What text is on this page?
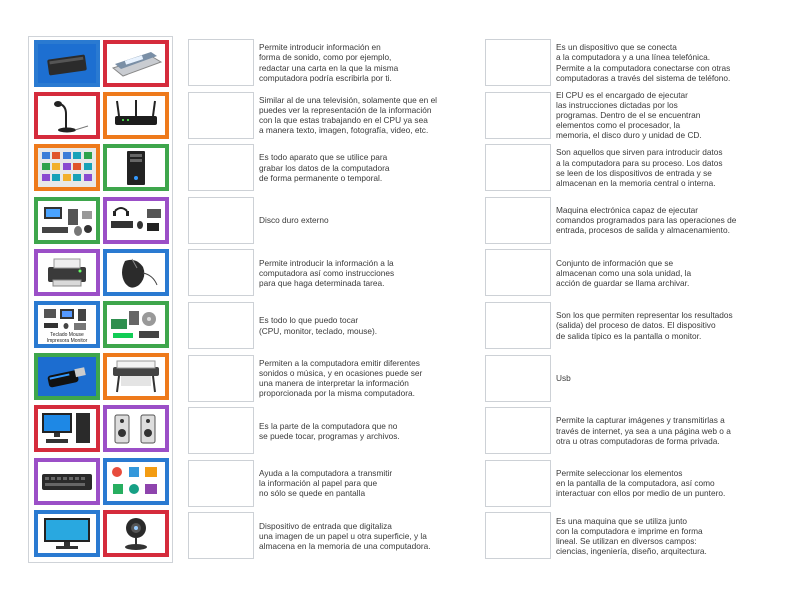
Teclado Mouse
Impresora Monitor
Permite introducir información en
forma de sonido, como por ejemplo,
redactar una carta en la que la misma
computadora podría escribirla por ti.
Similar al de una televisión, solamente que en el
puedes ver la representación de la información
con la que estas trabajando en el CPU ya sea
a manera texto, imagen, fotografía, video, etc.
Es todo aparato que se utilice para
grabar los datos de la computadora
de forma permanente o temporal.
Disco duro externo
Permite introducir la información a la
computadora así como instrucciones
para que haga determinada tarea.
Es todo lo que puedo tocar
(CPU, monitor, teclado, mouse).
Permiten a la computadora emitir diferentes
sonidos o música, y en ocasiones puede ser
una manera de interpretar la información
proporcionada por la misma computadora.
Es la parte de la computadora que no
se puede tocar, programas y archivos.
Ayuda a la computadora a transmitir
la información al papel para que
no sólo se quede en pantalla
Dispositivo de entrada que digitaliza
una imagen de un papel u otra superficie, y la
almacena en la memoria de una computadora.
Es un dispositivo que se conecta
a la computadora y a una línea telefónica.
Permite a la computadora conectarse con otras
computadoras a través del sistema de teléfono.
El CPU es el encargado de ejecutar
las instrucciones dictadas por los
programas. Dentro de el se encuentran
elementos como el procesador, la
memoria, el disco duro y unidad de CD.
Son aquellos que sirven para introducir datos
a la computadora para su proceso. Los datos
se leen de los dispositivos de entrada y se
almacenan en la memoria central o interna.
Maquina electrónica capaz de ejecutar
comandos programados para las operaciones de
entrada, procesos de salida y almacenamiento.
Conjunto de información que se
almacenan como una sola unidad, la
acción de guardar se llama archivar.
Son los que permiten representar los resultados
(salida) del proceso de datos. El dispositivo
de salida típico es la pantalla o monitor.
Usb
Permite la capturar imágenes y transmitirlas a
través de internet, ya sea a una página web o a
otra u otras computadoras de forma privada.
Permite seleccionar los elementos
en la pantalla de la computadora, así como
interactuar con ellos por medio de un puntero.
Es una maquina que se utiliza junto
con la computadora e imprime en forma
lineal. Se utilizan en diversos campos:
ciencias, ingeniería, diseño, arquitectura.
